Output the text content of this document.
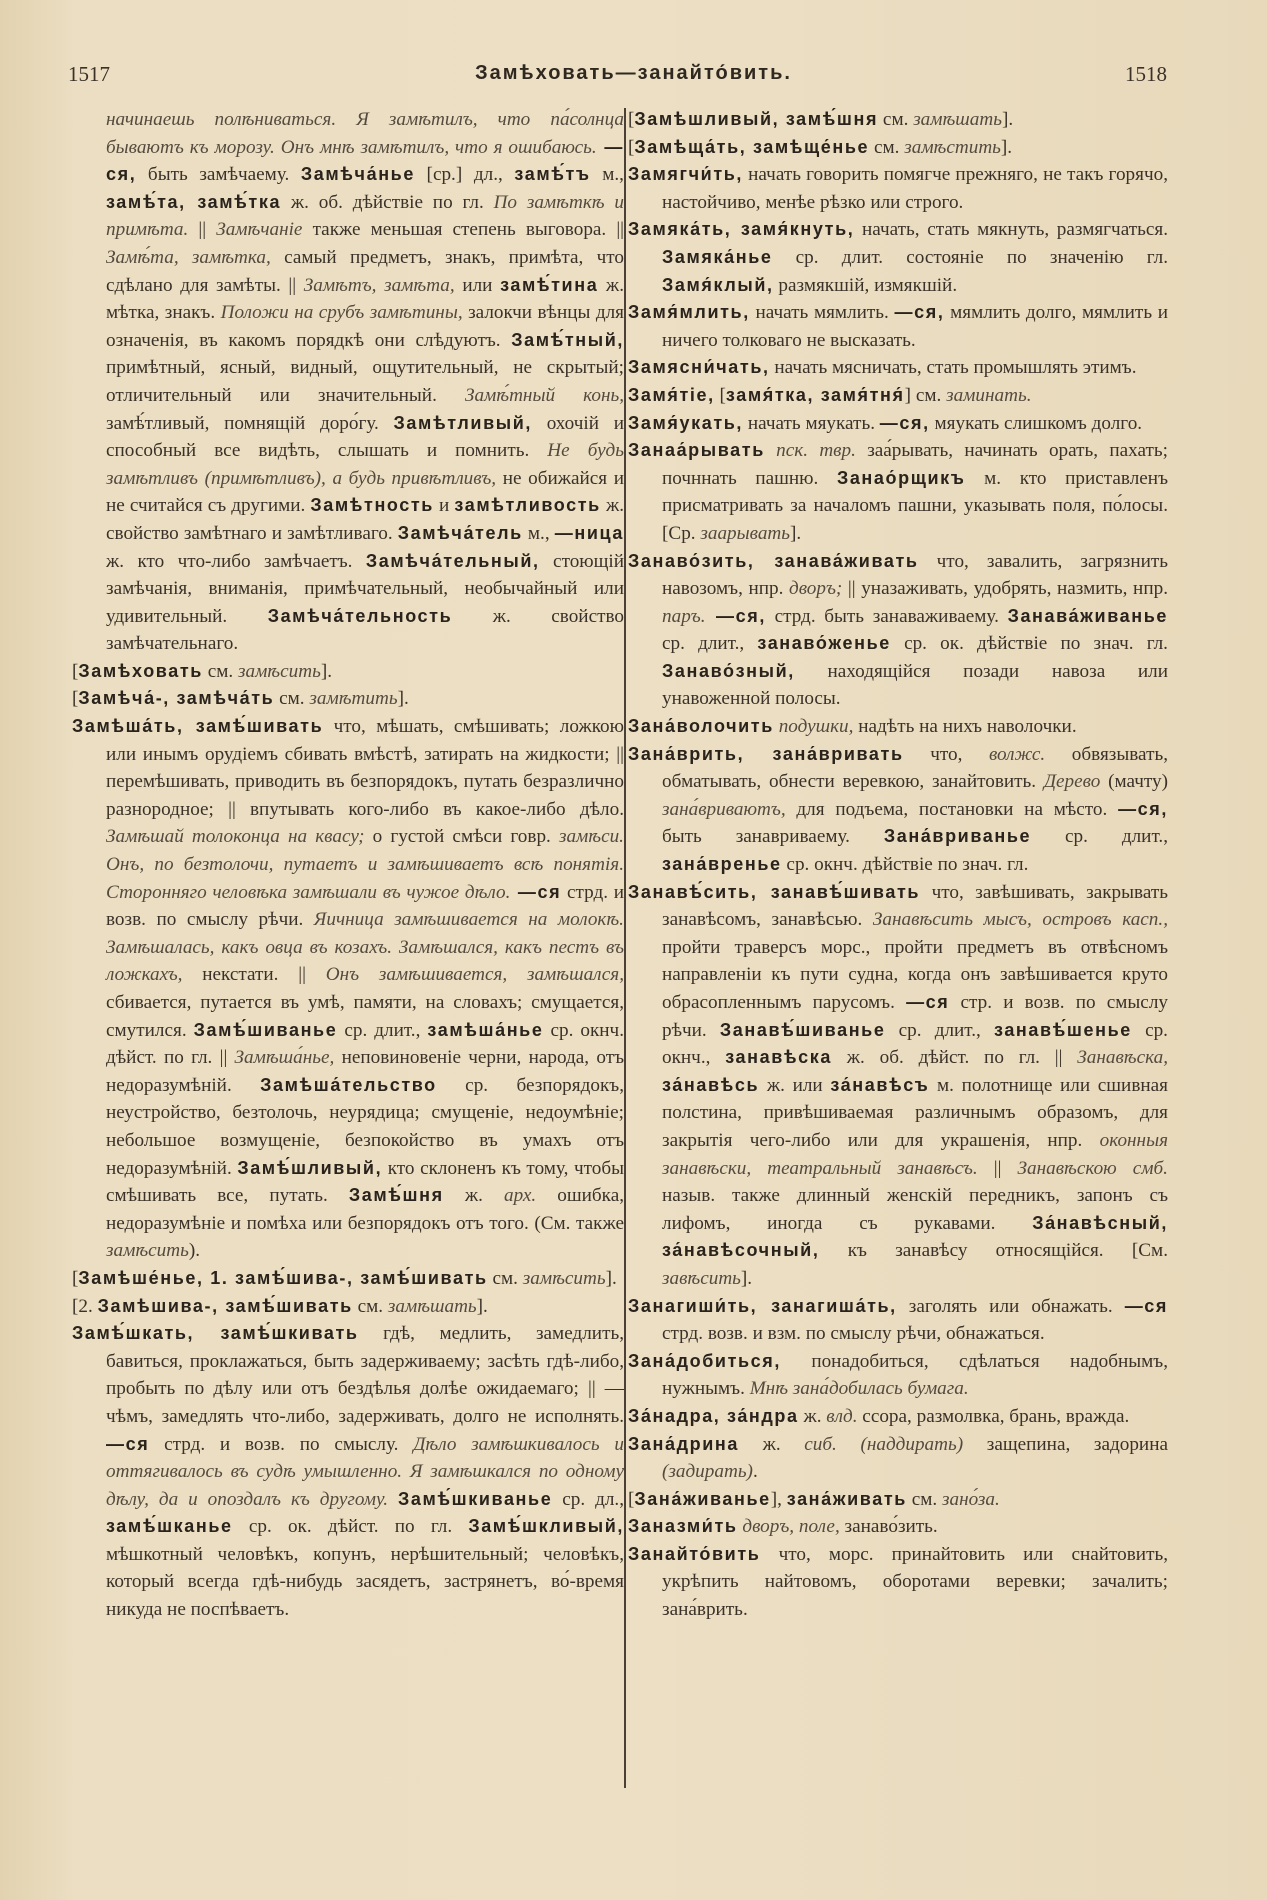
1517	Замѣховать—занайто́вить.	1518

начинаешь полѣниваться. Я замѣтилъ, что па́солнца бываютъ къ морозу. Онъ мнѣ замѣтилъ, что я ошибаюсь. —ся, быть замѣчаему. Замѣча́нье [ср.] дл., замѣ́тъ м., замѣ́та, замѣ́тка ж. об. дѣйствіе по гл. По замѣткѣ и примѣта. || Замѣчаніе также меньшая степень выговора. || Замѣ́та, замѣтка, самый предметъ, знакъ, примѣта, что сдѣлано для замѣты. || Замѣтъ, замѣта, или замѣ́тина ж. мѣтка, знакъ. Положи на срубъ замѣтины, залокчи вѣнцы для означенія, въ какомъ порядкѣ они слѣдуютъ. Замѣ́тный, примѣтный, ясный, видный, ощутительный, не скрытый; отличительный или значительный. Замѣ́тный конь, замѣ́тливый, помнящій доро́гу. Замѣтливый, охочій и способный все видѣть, слышать и помнить. Не будь замѣтливъ (примѣтливъ), а будь привѣтливъ, не обижайся и не считайся съ другими. Замѣтность и замѣтливость ж. свойство замѣтнаго и замѣтливаго. Замѣча́тель м., —ница ж. кто что-либо замѣчаетъ. Замѣча́тельный, стоющій замѣчанія, вниманія, примѣчательный, необычайный или удивительный. Замѣча́тельность ж. свойство замѣчательнаго.

[Замѣховать см. замѣсить].

[Замѣча́-, замѣча́ть см. замѣтить].

Замѣша́ть, замѣ́шивать что, мѣшать, смѣшивать; ложкою или инымъ орудіемъ сбивать вмѣстѣ, затирать на жидкости; || перемѣшивать, приводить въ безпорядокъ, путать безразлично разнородное; || впутывать кого-либо въ какое-либо дѣло. Замѣшай толоконца на квасу; о густой смѣси говр. замѣси. Онъ, по безтолочи, путаетъ и замѣшиваетъ всѣ понятія. Сторонняго человѣка замѣшали въ чужое дѣло. —ся стрд. и возв. по смыслу рѣчи. Яичница замѣшивается на молокѣ. Замѣшалась, какъ овца въ козахъ. Замѣшался, какъ пестъ въ ложкахъ, некстати. || Онъ замѣшивается, замѣшался, сбивается, путается въ умѣ, памяти, на словахъ; смущается, смутился. Замѣ́шиванье ср. длит., замѣша́нье ср. окнч. дѣйст. по гл. || Замѣша́нье, неповиновеніе черни, народа, отъ недоразумѣній. Замѣша́тельство ср. безпорядокъ, неустройство, безтолочь, неурядица; смущеніе, недоумѣніе; небольшое возмущеніе, безпокойство въ умахъ отъ недоразумѣній. Замѣ́шливый, кто склоненъ къ тому, чтобы смѣшивать все, путать. Замѣ́шня ж. арх. ошибка, недоразумѣніе и помѣха или безпорядокъ отъ того. (См. также замѣсить).

[Замѣше́нье, 1. замѣ́шива-, замѣ́шивать см. замѣсить].

[2. Замѣшива-, замѣ́шивать см. замѣшать].

Замѣ́шкать, замѣ́шкивать гдѣ, медлить, замедлить, бавиться, проклажаться, быть задерживаему; засѣть гдѣ-либо, пробыть по дѣлу или отъ бездѣлья долѣе ожидаемаго; || —чѣмъ, замедлять что-либо, задерживать, долго не исполнять. —ся стрд. и возв. по смыслу. Дѣло замѣшкивалось и оттягивалось въ судѣ умышленно. Я замѣшкался по одному дѣлу, да и опоздалъ къ другому. Замѣ́шкиванье ср. дл., замѣ́шканье ср. ок. дѣйст. по гл. Замѣ́шкливый, мѣшкотный человѣкъ, копунъ, нерѣшительный; человѣкъ, который всегда гдѣ-нибудь засядетъ, застрянетъ, во́-время никуда не поспѣваетъ.

[Замѣшливый, замѣ́шня см. замѣшать].

[Замѣща́ть, замѣще́нье см. замѣстить].

Замягчи́ть, начать говорить помягче прежняго, не такъ горячо, настойчиво, менѣе рѣзко или строго.

Замяка́ть, замя́кнуть, начать, стать мякнуть, размягчаться. Замяка́нье ср. длит. состояніе по значенію гл. Замя́клый, размякшій, измякшій.

Замя́млить, начать мямлить. —ся, мямлить долго, мямлить и ничего толковаго не высказать.

Замясни́чать, начать мясничать, стать промышлять этимъ.

Замя́тіе, [замя́тка, замя́тня́] см. заминать.

Замя́укать, начать мяукать. —ся, мяукать слишкомъ долго.

Занаа́рывать пск. твр. заа́рывать, начинать орать, пахать; почннать пашню. Занао́рщикъ м. кто приставленъ присматривать за началомъ пашни, указывать поля, по́лосы. [Ср. заарывать].

Занаво́зить, занава́живать что, завалить, загрязнить навозомъ, нпр. дворъ; || уназаживать, удобрять, назмить, нпр. паръ. —ся, стрд. быть занаваживаему. Занава́живанье ср. длит., занаво́женье ср. ок. дѣйствіе по знач. гл. Занаво́зный, находящійся позади навоза или унавоженной полосы.

Зана́волочить подушки, надѣть на нихъ наволочки.

Зана́врить, зана́вривать что, волжс. обвязывать, обматывать, обнести веревкою, занайтовить. Дерево (мачту) зана́вриваютъ, для подъема, постановки на мѣсто. —ся, быть занавриваему. Зана́вриванье ср. длит., зана́вренье ср. окнч. дѣйствіе по знач. гл.

Занавѣ́сить, занавѣ́шивать что, завѣшивать, закрывать занавѣсомъ, занавѣсью. Занавѣсить мысъ, островъ касп., пройти траверсъ морс., пройти предметъ въ отвѣсномъ направленіи къ пути судна, когда онъ завѣшивается круто обрасопленнымъ парусомъ. —ся стр. и возв. по смыслу рѣчи. Занавѣ́шиванье ср. длит., занавѣ́шенье ср. окнч., занавѣска ж. об. дѣйст. по гл. || Занавѣска, за́навѣсь ж. или за́навѣсъ м. полотнище или сшивная полстина, привѣшиваемая различнымъ образомъ, для закрытія чего-либо или для украшенія, нпр. оконныя занавѣски, театральный занавѣсъ. || Занавѣскою смб. назыв. также длинный женскій передникъ, запонъ съ лифомъ, иногда съ рукавами. За́навѣсный, за́навѣсочный, къ занавѣсу относящійся. [См. завѣсить].

Занагиши́ть, занагиша́ть, заголять или обнажать. —ся стрд. возв. и взм. по смыслу рѣчи, обнажаться.

Зана́добиться, понадобиться, сдѣлаться надобнымъ, нужнымъ. Мнѣ зана́добилась бумага.

За́надра, за́ндра ж. влд. ссора, размолвка, брань, вражда.

Зана́дрина ж. сиб. (наддирать) защепина, задорина (задирать).

[Зана́живанье], зана́живать см. зано́за.

Заназми́ть дворъ, поле, занаво́зить.

Занайто́вить что, морс. принайтовить или снайтовить, укрѣпить найтовомъ, оборотами веревки; зачалить; зана́врить.
